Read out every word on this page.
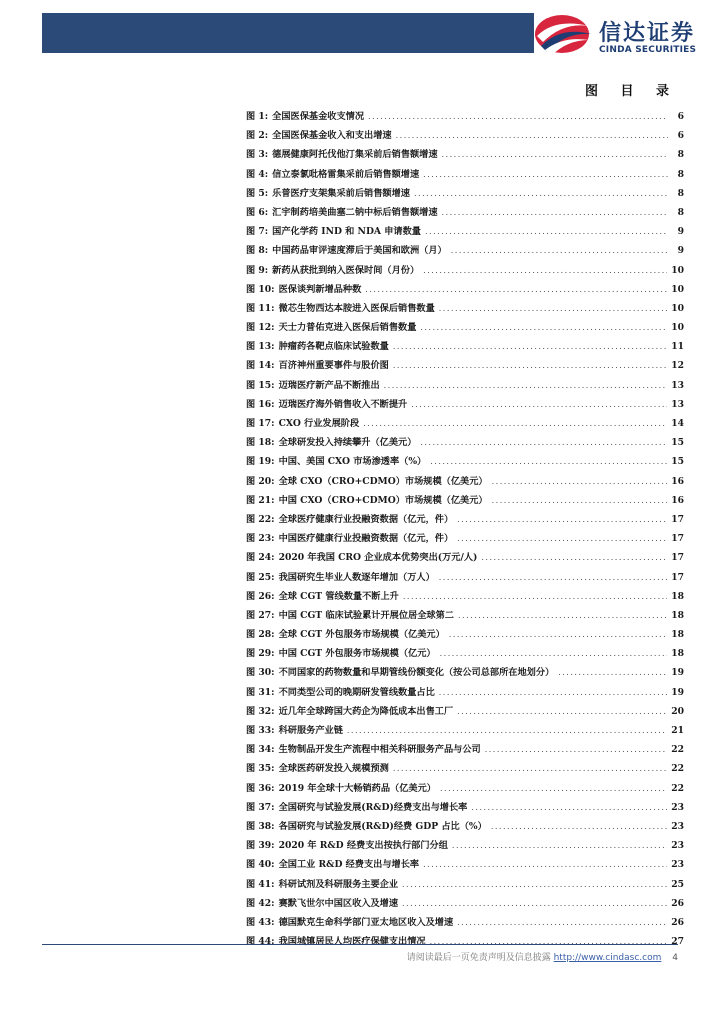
信达证券
CINDA SECURITIES
图 目 录
图 1: 全国医保基金收支情况 .....	6
图 2: 全国医保基金收入和支出增速 .....	6
图 3: 德展健康阿托伐他汀集采前后销售额增速 .....	8
图 4: 信立泰氯吡格雷集采前后销售额增速 .....	8
图 5: 乐普医疗支架集采前后销售额增速 .....	8
图 6: 汇宇制药培美曲塞二钠中标后销售额增速 .....	8
图 7: 国产化学药 IND 和 NDA 申请数量 .....	9
图 8: 中国药品审评速度滞后于美国和欧洲（月） .....	9
图 9: 新药从获批到纳入医保时间（月份） .....	10
图 10: 医保谈判新增品种数 .....	10
图 11: 微芯生物西达本胺进入医保后销售数量 .....	10
图 12: 天士力普佑克进入医保后销售数量 .....	10
图 13: 肿瘤药各靶点临床试验数量 .....	11
图 14: 百济神州重要事件与股价图 .....	12
图 15: 迈瑞医疗新产品不断推出 .....	13
图 16: 迈瑞医疗海外销售收入不断提升 .....	13
图 17: CXO 行业发展阶段 .....	14
图 18: 全球研发投入持续攀升（亿美元） .....	15
图 19: 中国、美国 CXO 市场渗透率（%） .....	15
图 20: 全球 CXO（CRO+CDMO）市场规模（亿美元） .....	16
图 21: 中国 CXO（CRO+CDMO）市场规模（亿美元） .....	16
图 22: 全球医疗健康行业投融资数据（亿元，件） .....	17
图 23: 中国医疗健康行业投融资数据（亿元，件） .....	17
图 24: 2020 年我国 CRO 企业成本优势突出(万元/人) .....	17
图 25: 我国研究生毕业人数逐年增加（万人） .....	17
图 26: 全球 CGT 管线数量不断上升 .....	18
图 27: 中国 CGT 临床试验累计开展位居全球第二 .....	18
图 28: 全球 CGT 外包服务市场规模（亿美元） .....	18
图 29: 中国 CGT 外包服务市场规模（亿元） .....	18
图 30: 不同国家的药物数量和早期管线份额变化（按公司总部所在地划分） .....	19
图 31: 不同类型公司的晚期研发管线数量占比 .....	19
图 32: 近几年全球跨国大药企为降低成本出售工厂 .....	20
图 33: 科研服务产业链 .....	21
图 34: 生物制品开发生产流程中相关科研服务产品与公司 .....	22
图 35: 全球医药研发投入规模预测 .....	22
图 36: 2019 年全球十大畅销药品（亿美元） .....	22
图 37: 全国研究与试验发展(R&D)经费支出与增长率 .....	23
图 38: 各国研究与试验发展(R&D)经费 GDP 占比（%） .....	23
图 39: 2020 年 R&D 经费支出按执行部门分组 .....	23
图 40: 全国工业 R&D 经费支出与增长率 .....	23
图 41: 科研试剂及科研服务主要企业 .....	25
图 42: 赛默飞世尔中国区收入及增速 .....	26
图 43: 德国默克生命科学部门亚太地区收入及增速 .....	26
图 44: 我国城镇居民人均医疗保健支出情况 .....	27
请阅读最后一页免责声明及信息披露 http://www.cindasc.com 4
